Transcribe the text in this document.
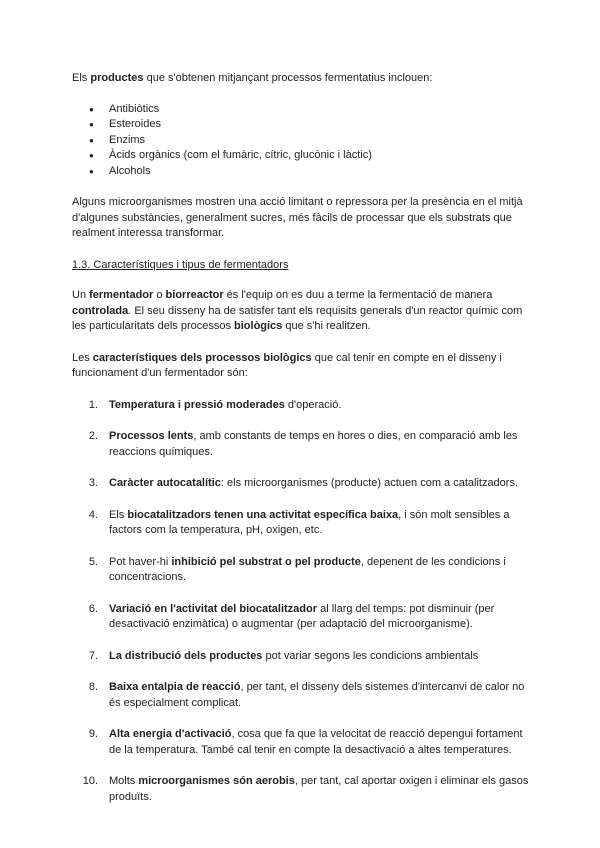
Els productes que s'obtenen mitjançant processos fermentatius inclouen:

● Antibiòtics
● Esteroides
● Enzims
● Àcids orgànics (com el fumàric, cítric, glucònic i làctic)
● Alcohols

Alguns microorganismes mostren una acció limitant o repressora per la presència en el mitjà d'algunes substàncies, generalment sucres, més fàcils de processar que els substrats que realment interessa transformar.

1.3. Característiques i tipus de fermentadors

Un fermentador o biorreactor és l'equip on es duu a terme la fermentació de manera controlada. El seu disseny ha de satisfer tant els requisits generals d'un reactor químic com les particularitats dels processos biològics que s'hi realitzen.

Les característiques dels processos biològics que cal tenir en compte en el disseny i funcionament d'un fermentador són:

1. Temperatura i pressió moderades d'operació.
2. Processos lents, amb constants de temps en hores o dies, en comparació amb les reaccions químiques.
3. Caràcter autocatalític: els microorganismes (producte) actuen com a catalitzadors.
4. Els biocatalitzadors tenen una activitat específica baixa, i són molt sensibles a factors com la temperatura, pH, oxigen, etc.
5. Pot haver-hi inhibició pel substrat o pel producte, depenent de les condicions i concentracions.
6. Variació en l'activitat del biocatalitzador al llarg del temps: pot disminuir (per desactivació enzimàtica) o augmentar (per adaptació del microorganisme).
7. La distribució dels productes pot variar segons les condicions ambientals
8. Baixa entalpia de reacció, per tant, el disseny dels sistemes d'intercanvi de calor no és especialment complicat.
9. Alta energia d'activació, cosa que fa que la velocitat de reacció depengui fortament de la temperatura. També cal tenir en compte la desactivació a altes temperatures.
10. Molts microorganismes són aerobis, per tant, cal aportar oxigen i eliminar els gasos produïts.
